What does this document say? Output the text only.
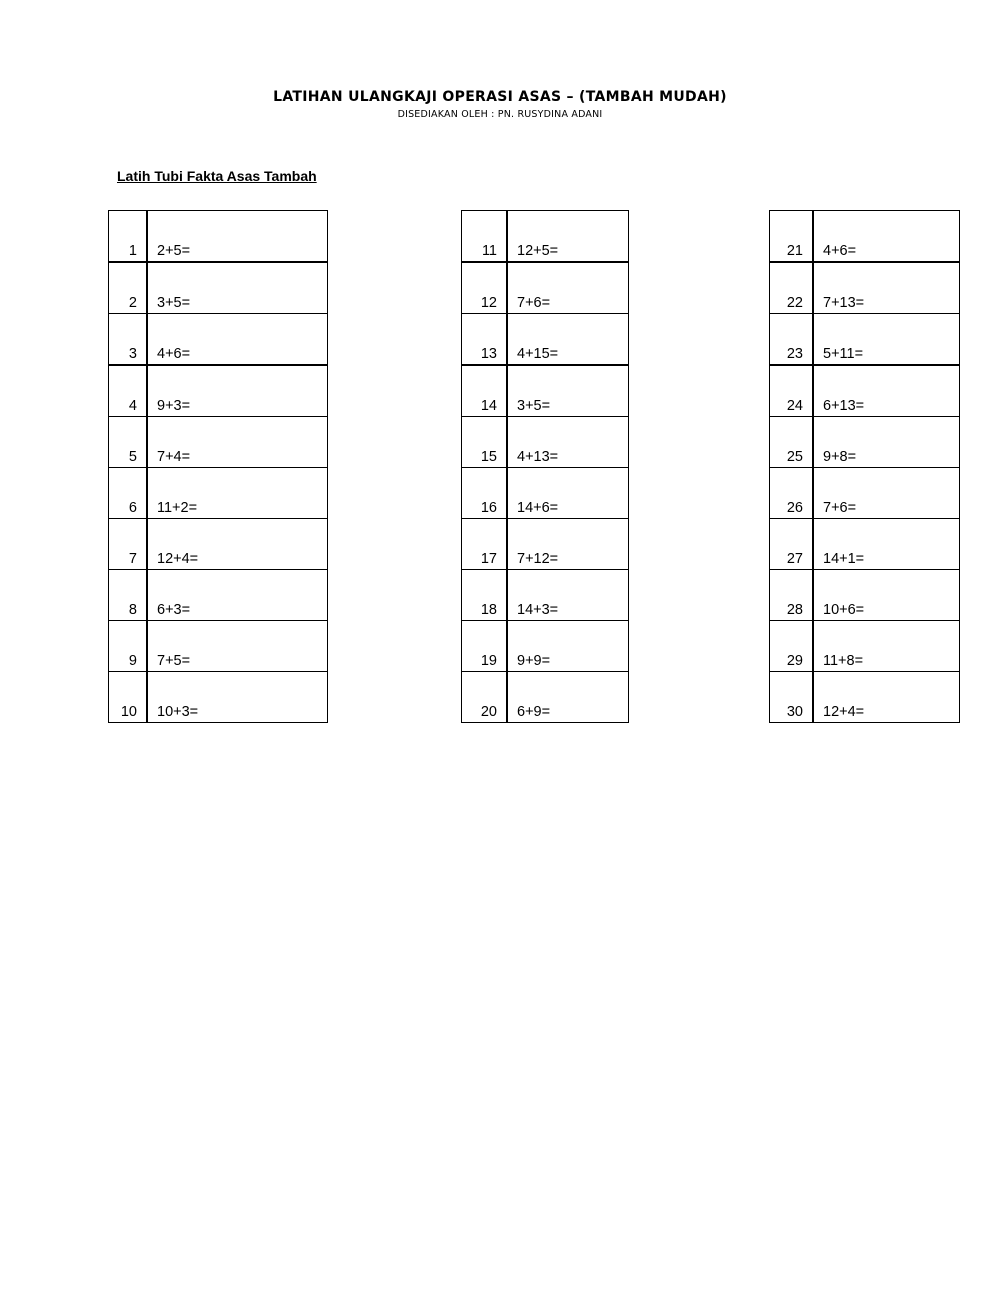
LATIHAN ULANGKAJI OPERASI ASAS – (TAMBAH MUDAH)
DISEDIAKAN OLEH : PN. RUSYDINA ADANI
Latih Tubi Fakta Asas Tambah
1	2+5=
2	3+5=
3	4+6=
4	9+3=
5	7+4=
6	11+2=
7	12+4=
8	6+3=
9	7+5=
10	10+3=
11	12+5=
12	7+6=
13	4+15=
14	3+5=
15	4+13=
16	14+6=
17	7+12=
18	14+3=
19	9+9=
20	6+9=
21	4+6=
22	7+13=
23	5+11=
24	6+13=
25	9+8=
26	7+6=
27	14+1=
28	10+6=
29	11+8=
30	12+4=
